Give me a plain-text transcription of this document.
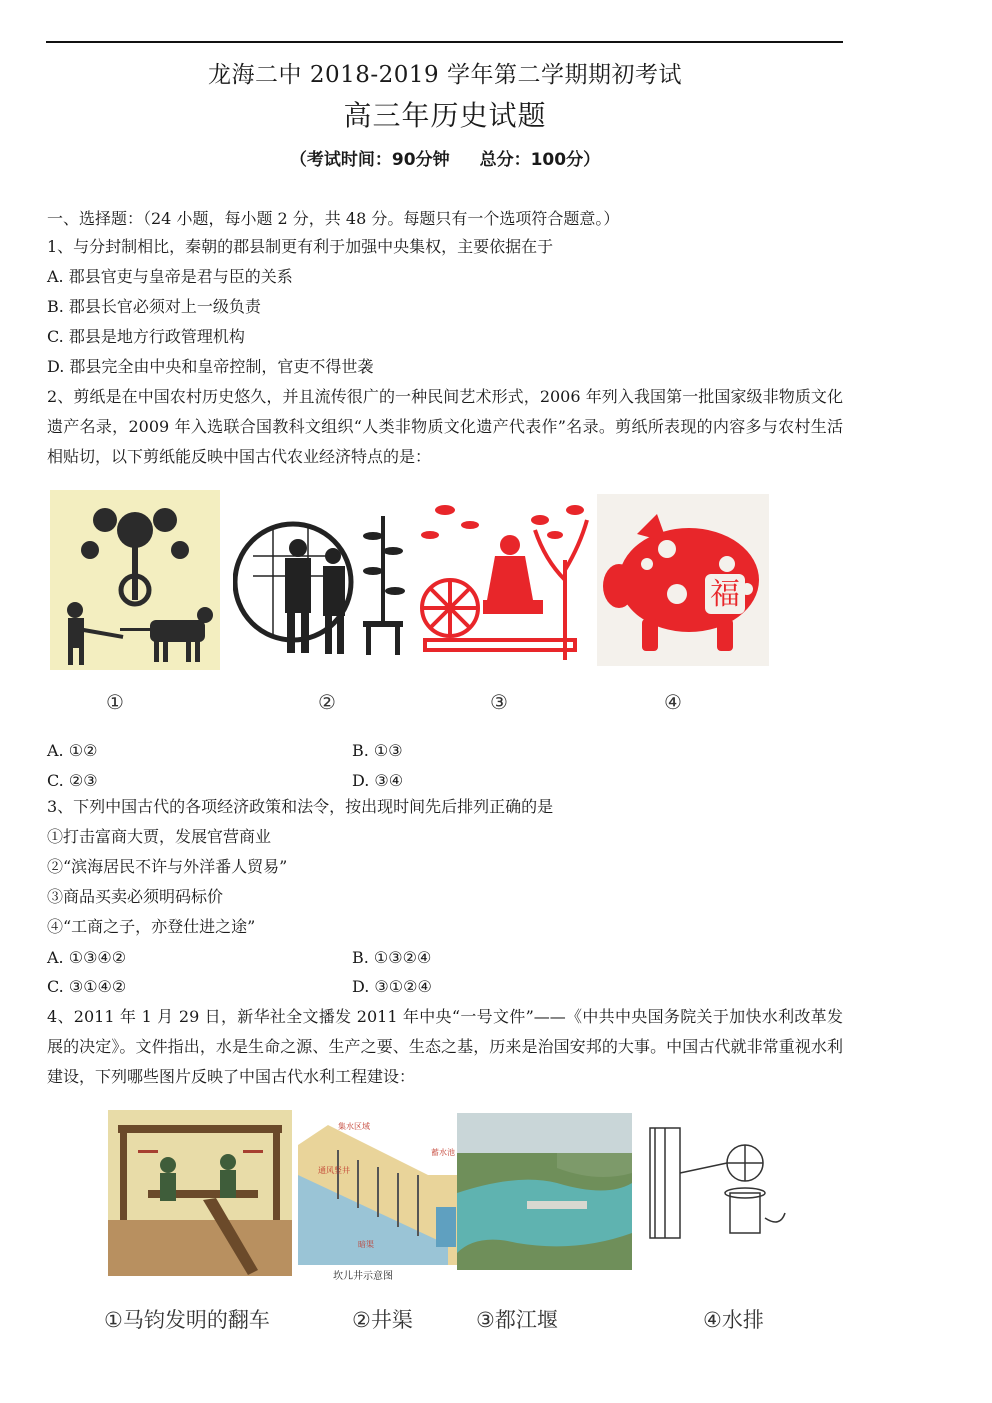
龙海二中 2018-2019 学年第二学期期初考试
高三年历史试题
（考试时间：90分钟 总分：100分）
一、选择题：（24 小题，每小题 2 分，共 48 分。每题只有一个选项符合题意。）
1、与分封制相比，秦朝的郡县制更有利于加强中央集权，主要依据在于
A. 郡县官吏与皇帝是君与臣的关系
B. 郡县长官必须对上一级负责
C. 郡县是地方行政管理机构
D. 郡县完全由中央和皇帝控制，官吏不得世袭
2、剪纸是在中国农村历史悠久，并且流传很广的一种民间艺术形式，2006 年列入我国第一批国家级非物质文化遗产名录，2009 年入选联合国教科文组织“人类非物质文化遗产代表作”名录。剪纸所表现的内容多与农村生活相贴切，以下剪纸能反映中国古代农业经济特点的是：
福
①	②	③	④
A. ①②	B. ①③
C. ②③	D. ③④
3、下列中国古代的各项经济政策和法令，按出现时间先后排列正确的是
①打击富商大贾，发展官营商业
②“滨海居民不许与外洋番人贸易”
③商品买卖必须明码标价
④“工商之子，亦登仕进之途”
A. ①③④②	B. ①③②④
C. ③①④②	D. ③①②④
4、2011 年 1 月 29 日，新华社全文播发 2011 年中央“一号文件”——《中共中央国务院关于加快水利改革发展的决定》。文件指出，水是生命之源、生产之要、生态之基，历来是治国安邦的大事。中国古代就非常重视水利建设，下列哪些图片反映了中国古代水利工程建设：
集水区域
通风竖井
暗渠
蓄水池
坎儿井示意图
①马钧发明的翻车	②井渠	③都江堰	④水排
